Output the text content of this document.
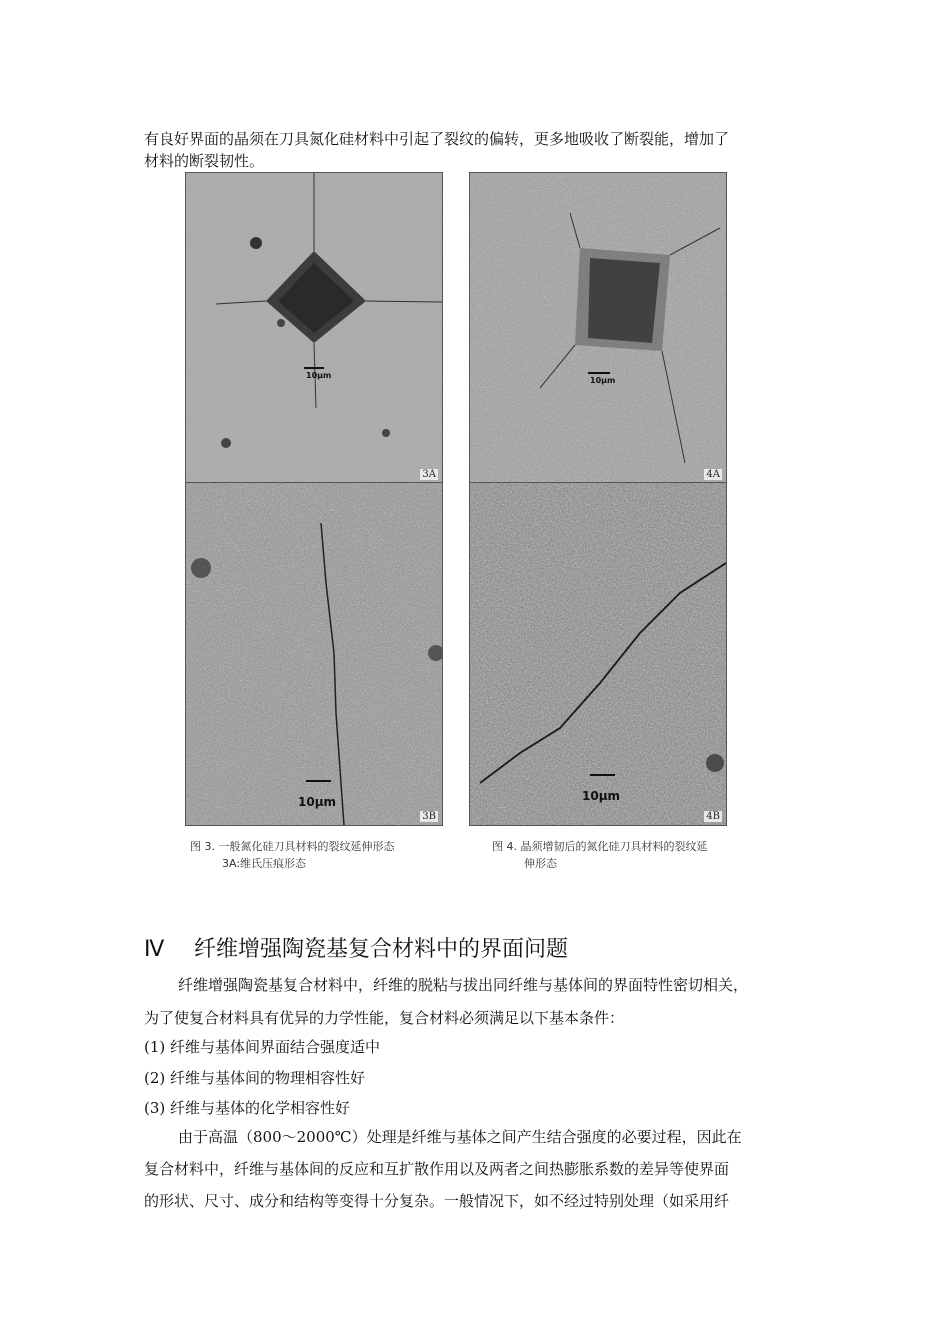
有良好界面的晶须在刀具氮化硅材料中引起了裂纹的偏转，更多地吸收了断裂能，增加了

材料的断裂韧性。

10μm
3A
10μm
4A
10μm
3B
10μm
4B
图 3. 一般氮化硅刀具材料的裂纹延伸形态
3A:维氏压痕形态
图 4. 晶须增韧后的氮化硅刀具材料的裂纹延
伸形态
Ⅳ 纤维增强陶瓷基复合材料中的界面问题

纤维增强陶瓷基复合材料中，纤维的脱粘与拔出同纤维与基体间的界面特性密切相关，

为了使复合材料具有优异的力学性能，复合材料必须满足以下基本条件：

(1) 纤维与基体间界面结合强度适中

(2) 纤维与基体间的物理相容性好

(3) 纤维与基体的化学相容性好

由于高温（800～2000℃）处理是纤维与基体之间产生结合强度的必要过程，因此在

复合材料中，纤维与基体间的反应和互扩散作用以及两者之间热膨胀系数的差异等使界面

的形状、尺寸、成分和结构等变得十分复杂。一般情况下，如不经过特别处理（如采用纤
